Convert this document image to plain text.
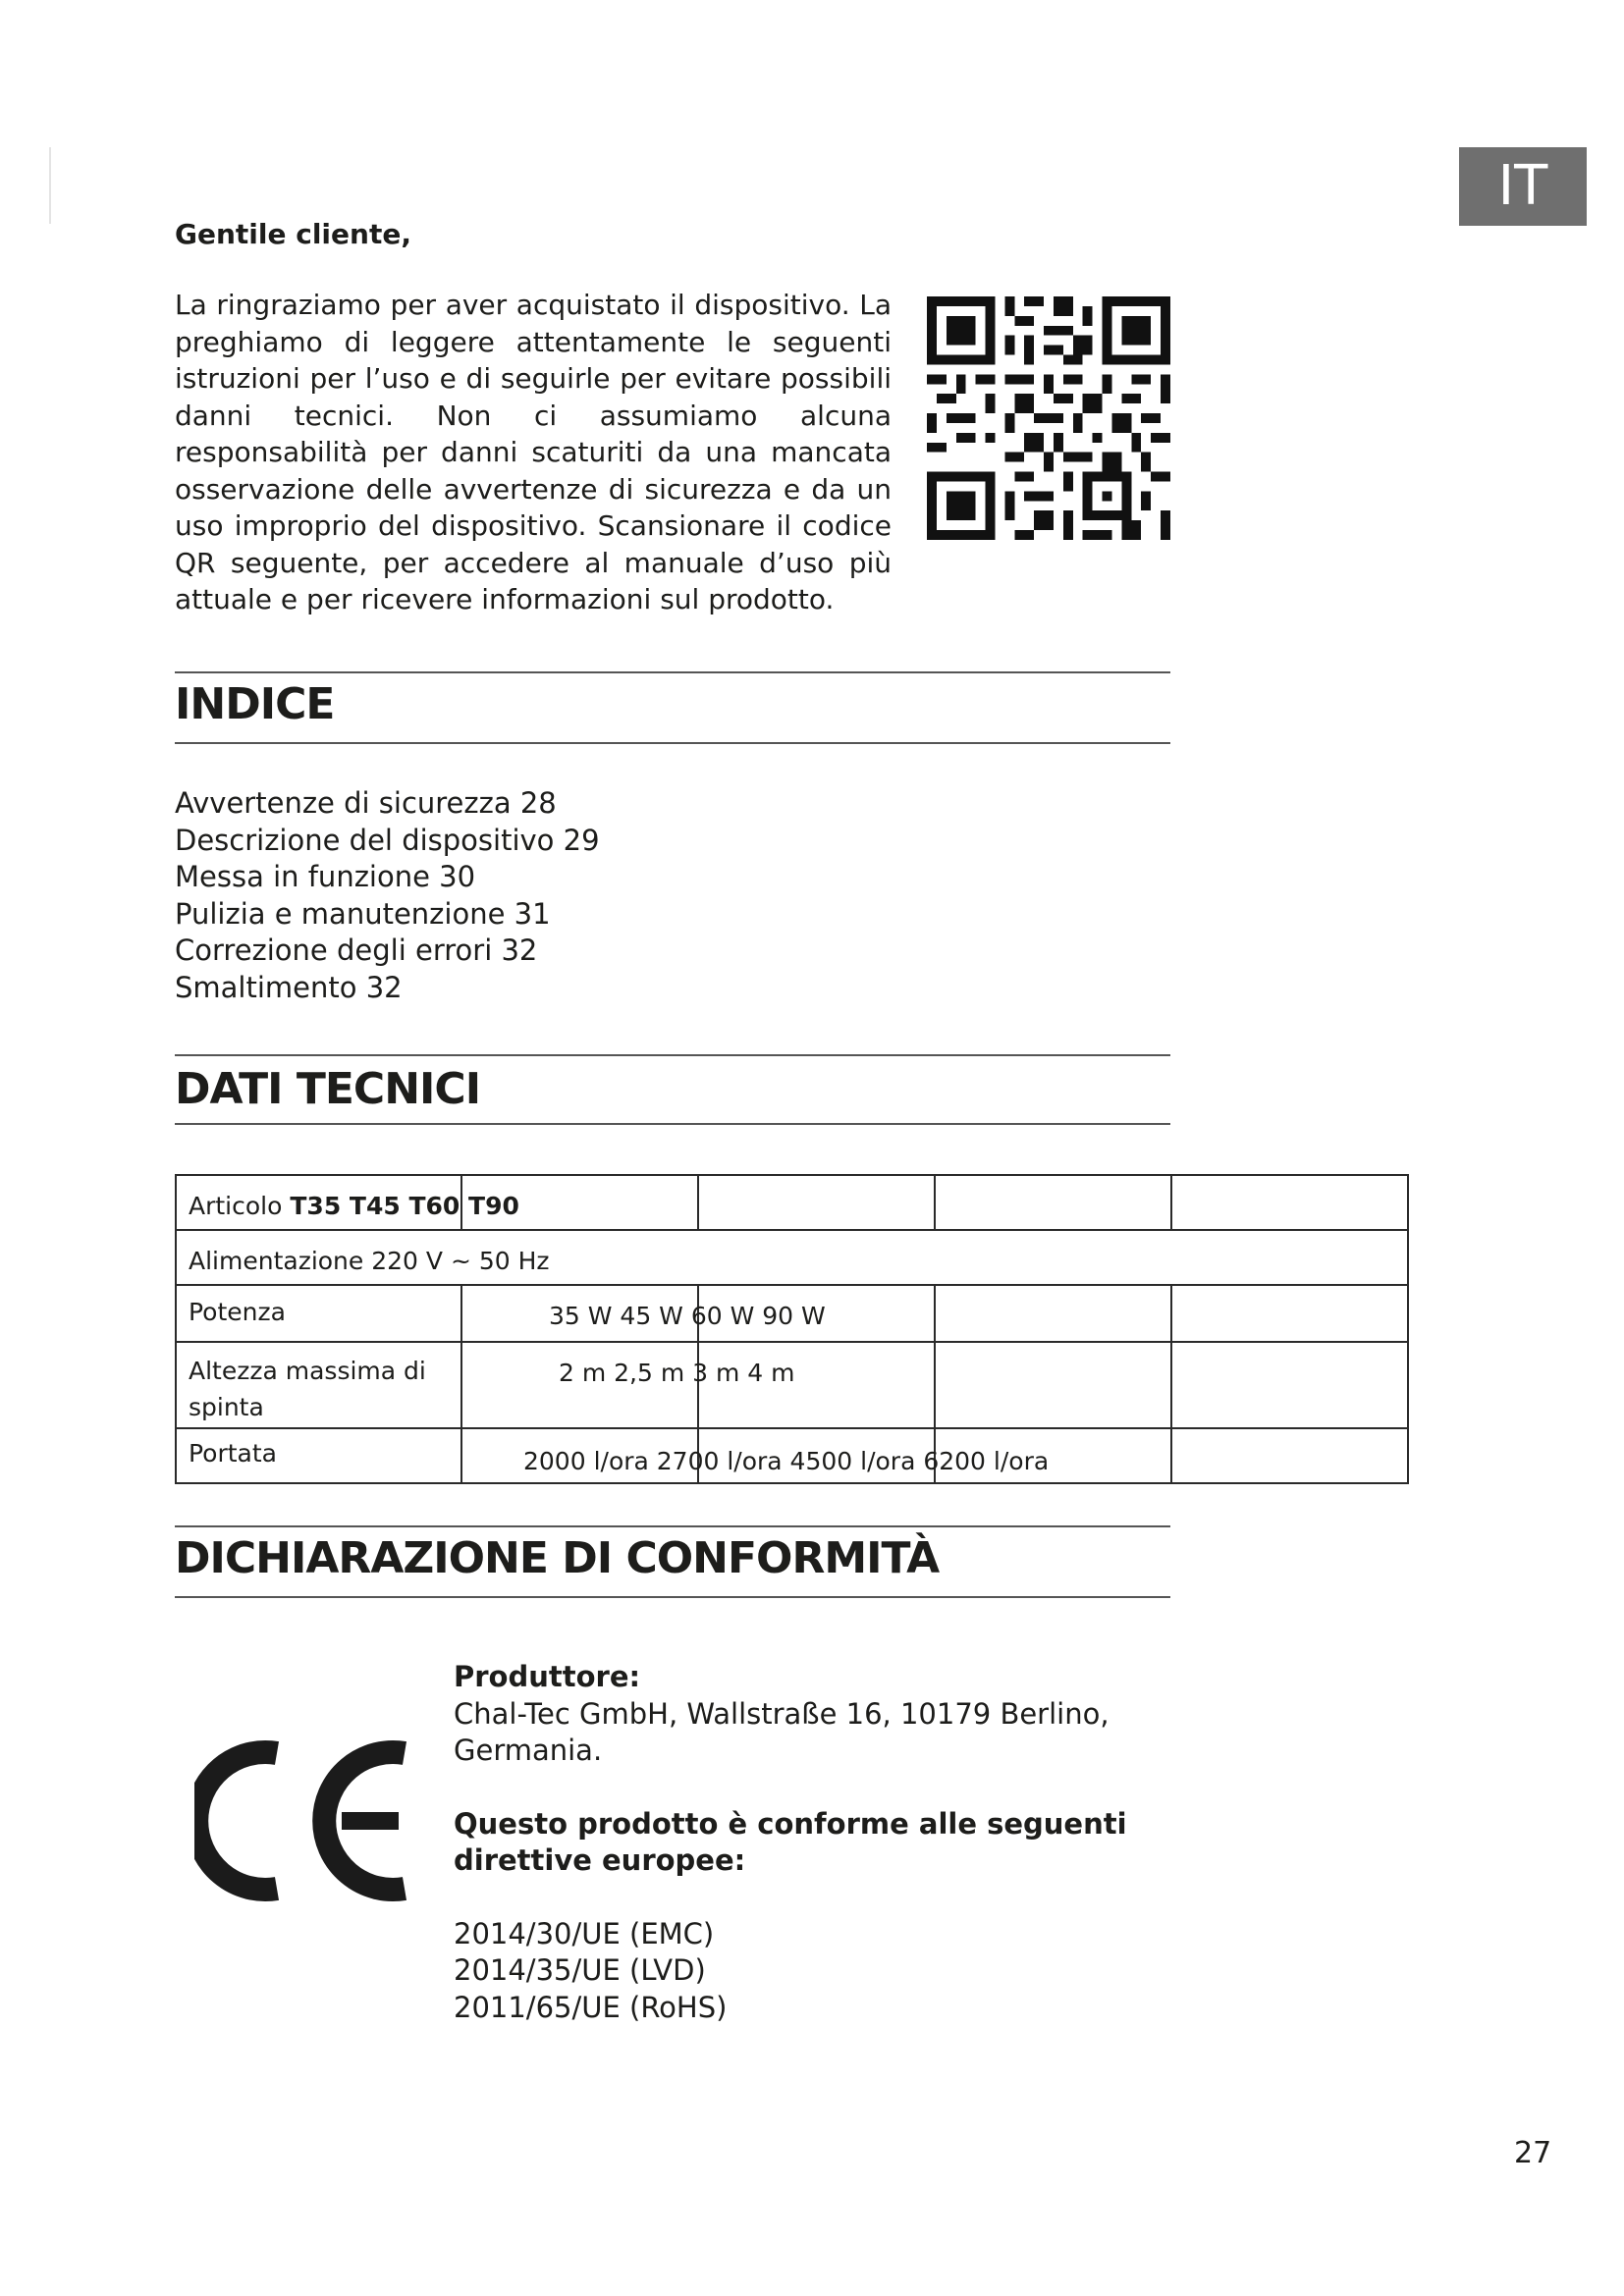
IT
Gentile cliente,
La ringraziamo per aver acquistato il dispositivo. La preghiamo di leggere attentamente le seguenti istruzioni per l’uso e di seguirle per evitare possibili danni tecnici. Non ci assumiamo alcuna responsabilità per danni scaturiti da una mancata osservazione delle avvertenze di sicurezza e da un uso improprio del dispositivo. Scansionare il codice QR seguente, per accedere al manuale d’uso più attuale e per ricevere informazioni sul prodotto.
INDICE
Avvertenze di sicurezza 28
Descrizione del dispositivo 29
Messa in funzione 30
Pulizia e manutenzione 31
Correzione degli errori 32
Smaltimento 32
DATI TECNICI
Articolo T35 T45 T60 T90				

Alimentazione 220 V ~ 50 Hz				

Potenza	35 W 45 W 60 W 90 W			

Altezza massima di spinta	2 m 2,5 m 3 m 4 m			

Portata	2000 l/ora 2700 l/ora 4500 l/ora 6200 l/ora			

DICHIARAZIONE DI CONFORMITÀ
Produttore:
Chal-Tec GmbH, Wallstraße 16, 10179 Berlino, Germania.
Questo prodotto è conforme alle seguenti direttive europee:
2014/30/UE (EMC)
2014/35/UE (LVD)
2011/65/UE (RoHS)
27
